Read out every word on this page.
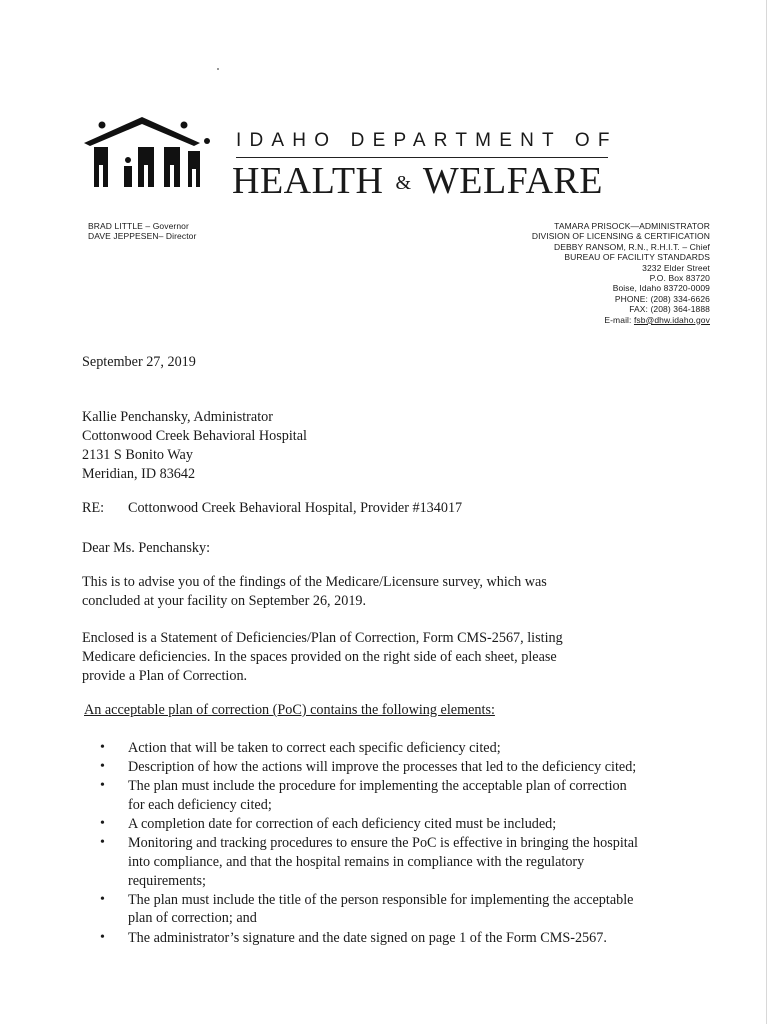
IDAHO DEPARTMENT OF
HEALTH & WELFARE
BRAD LITTLE – Governor
DAVE JEPPESEN– Director
TAMARA PRISOCK—ADMINISTRATOR
DIVISION OF LICENSING & CERTIFICATION
DEBBY RANSOM, R.N., R.H.I.T. – Chief
BUREAU OF FACILITY STANDARDS
3232 Elder Street
P.O. Box 83720
Boise, Idaho 83720-0009
PHONE: (208) 334-6626
FAX: (208) 364-1888
E-mail: fsb@dhw.idaho.gov
September 27, 2019
Kallie Penchansky, Administrator
Cottonwood Creek Behavioral Hospital
2131 S Bonito Way
Meridian, ID 83642
RE: Cottonwood Creek Behavioral Hospital, Provider #134017
Dear Ms. Penchansky:
This is to advise you of the findings of the Medicare/Licensure survey, which was
concluded at your facility on September 26, 2019.
Enclosed is a Statement of Deficiencies/Plan of Correction, Form CMS-2567, listing
Medicare deficiencies. In the spaces provided on the right side of each sheet, please
provide a Plan of Correction.
An acceptable plan of correction (PoC) contains the following elements:
• Action that will be taken to correct each specific deficiency cited;
• Description of how the actions will improve the processes that led to the deficiency cited;
• The plan must include the procedure for implementing the acceptable plan of correction
for each deficiency cited;
• A completion date for correction of each deficiency cited must be included;
• Monitoring and tracking procedures to ensure the PoC is effective in bringing the hospital
into compliance, and that the hospital remains in compliance with the regulatory
requirements;
• The plan must include the title of the person responsible for implementing the acceptable
plan of correction; and
• The administrator’s signature and the date signed on page 1 of the Form CMS-2567.
